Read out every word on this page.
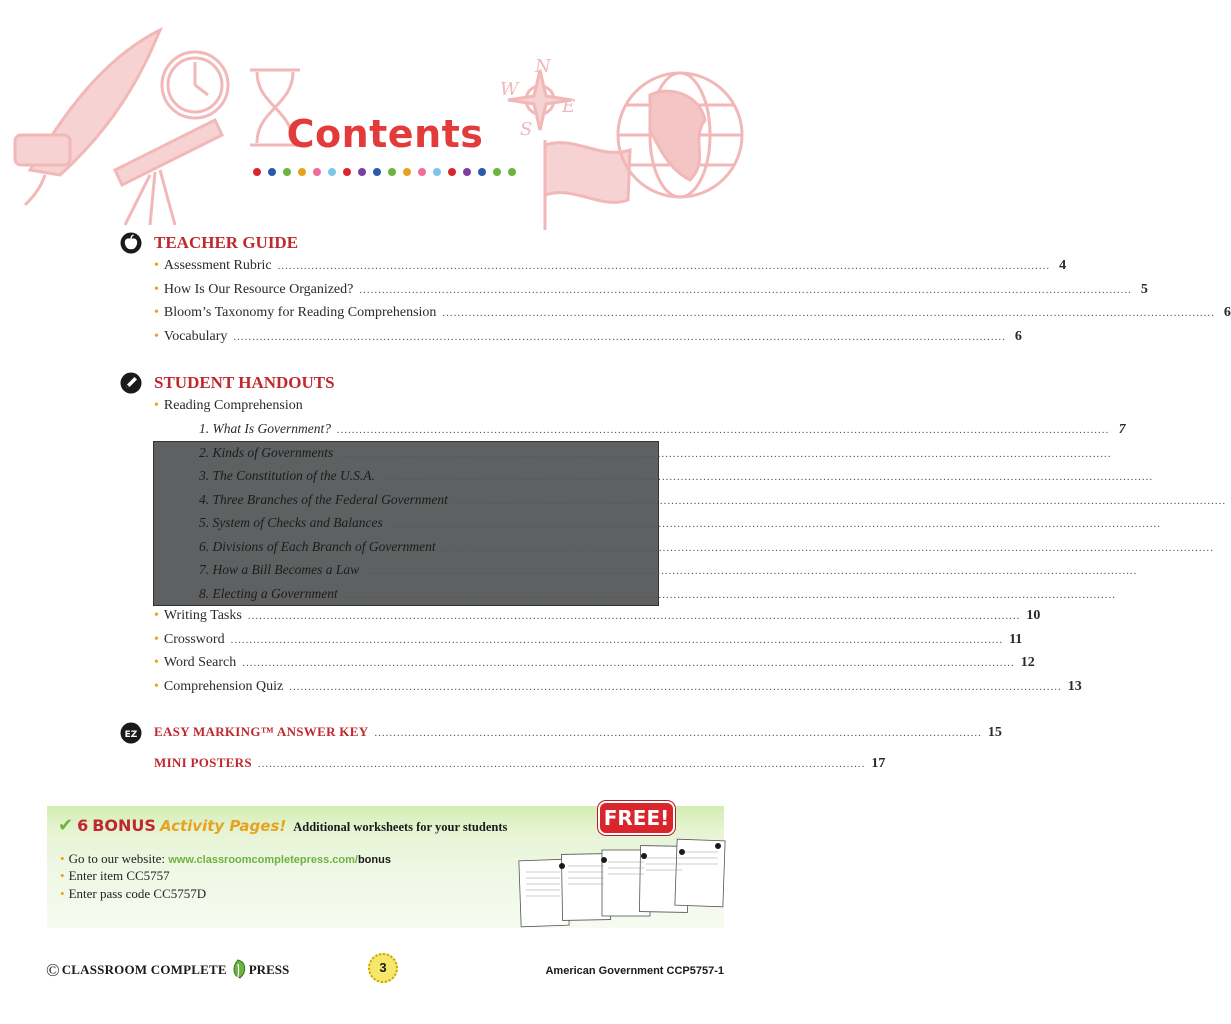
N
W
E
S
Contents
TEACHER GUIDE
• Assessment Rubric .............................................................................................................................................................................................................. 4
• How Is Our Resource Organized? .............................................................................................................................................................................................................. 5
• Bloom’s Taxonomy for Reading Comprehension .............................................................................................................................................................................................................. 6
• Vocabulary .............................................................................................................................................................................................................. 6
STUDENT HANDOUTS
• Reading Comprehension
1. What Is Government? .............................................................................................................................................................................................................. 7
2. Kinds of Governments ..............................................................................................................................................................................................................
3. The Constitution of the U.S.A. ..............................................................................................................................................................................................................
4. Three Branches of the Federal Government ..............................................................................................................................................................................................................
5. System of Checks and Balances ..............................................................................................................................................................................................................
6. Divisions of Each Branch of Government ..............................................................................................................................................................................................................
7. How a Bill Becomes a Law ..............................................................................................................................................................................................................
8. Electing a Government ..............................................................................................................................................................................................................
• Writing Tasks .............................................................................................................................................................................................................. 10
• Crossword .............................................................................................................................................................................................................. 11
• Word Search .............................................................................................................................................................................................................. 12
• Comprehension Quiz .............................................................................................................................................................................................................. 13
EZ EASY MARKING™ ANSWER KEY .................................................................................................................................................................. 15
MINI POSTERS .................................................................................................................................................................. 17
✔ 6 BONUS Activity Pages! Additional worksheets for your students	FREE!
• Go to our website: www.classroomcompletepress.com/bonus
• Enter item CC5757
• Enter pass code CC5757D
© CLASSROOM COMPLETE PRESS	3	American Government CCP5757-1
